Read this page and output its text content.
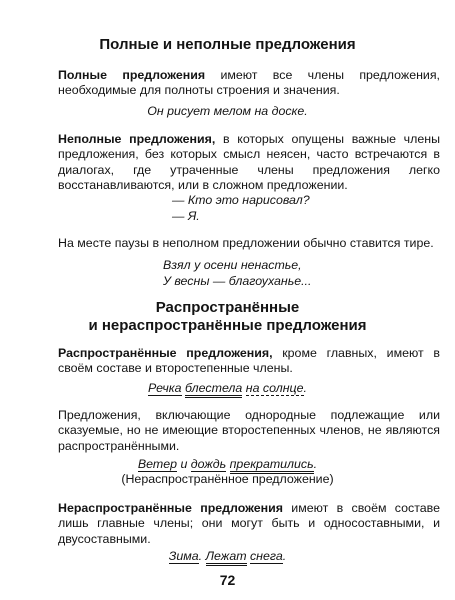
Полные и неполные предложения
Полные предложения имеют все члены предложения, необходимые для полноты строения и значения.
Он рисует мелом на доске.
Неполные предложения, в которых опущены важные члены предложения, без которых смысл неясен, часто встречаются в диалогах, где утраченные члены предложения легко восстанавливаются, или в сложном предложении.
— Кто это нарисовал?
— Я.
На месте паузы в неполном предложении обычно ставится тире.
Взял у осени ненастье,
У весны — благоуханье...
Распространённые
и нераспространённые предложения
Распространённые предложения, кроме главных, имеют в своём составе и второстепенные члены.
Речка блестела на солнце.
Предложения, включающие однородные подлежащие или сказуемые, но не имеющие второстепенных членов, не являются распространёнными.
Ветер и дождь прекратились.
(Нераспространённое предложение)
Нераспространённые предложения имеют в своём составе лишь главные члены; они могут быть и односоставными, и двусоставными.
Зима. Лежат снега.
72
